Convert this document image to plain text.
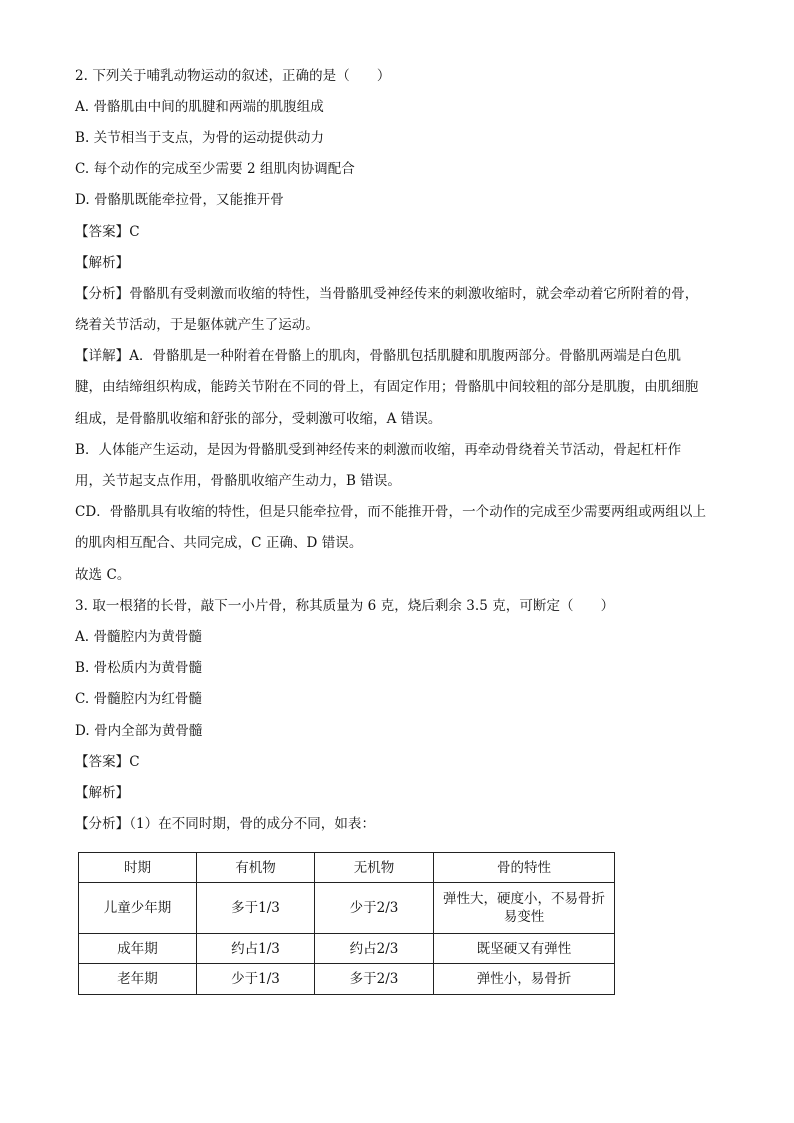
2. 下列关于哺乳动物运动的叙述，正确的是（　　）
A. 骨骼肌由中间的肌腱和两端的肌腹组成
B. 关节相当于支点，为骨的运动提供动力
C. 每个动作的完成至少需要 2 组肌肉协调配合
D. 骨骼肌既能牵拉骨，又能推开骨
【答案】C
【解析】
【分析】骨骼肌有受刺激而收缩的特性，当骨骼肌受神经传来的刺激收缩时，就会牵动着它所附着的骨，
绕着关节活动，于是躯体就产生了运动。
【详解】A．骨骼肌是一种附着在骨骼上的肌肉，骨骼肌包括肌腱和肌腹两部分。骨骼肌两端是白色肌
腱，由结缔组织构成，能跨关节附在不同的骨上，有固定作用；骨骼肌中间较粗的部分是肌腹，由肌细胞
组成，是骨骼肌收缩和舒张的部分，受刺激可收缩，A 错误。
B．人体能产生运动，是因为骨骼肌受到神经传来的刺激而收缩，再牵动骨绕着关节活动，骨起杠杆作
用，关节起支点作用，骨骼肌收缩产生动力，B 错误。
CD．骨骼肌具有收缩的特性，但是只能牵拉骨，而不能推开骨，一个动作的完成至少需要两组或两组以上
的肌肉相互配合、共同完成，C 正确、D 错误。
故选 C。
3. 取一根猪的长骨，敲下一小片骨，称其质量为 6 克，烧后剩余 3.5 克，可断定（　　）
A. 骨髓腔内为黄骨髓
B. 骨松质内为黄骨髓
C. 骨髓腔内为红骨髓
D. 骨内全部为黄骨髓
【答案】C
【解析】
【分析】（1）在不同时期，骨的成分不同，如表：
时期	有机物	无机物	骨的特性
儿童少年期	多于1/3	少于2/3	弹性大，硬度小，不易骨折易变性
成年期	约占1/3	约占2/3	既坚硬又有弹性
老年期	少于1/3	多于2/3	弹性小，易骨折
